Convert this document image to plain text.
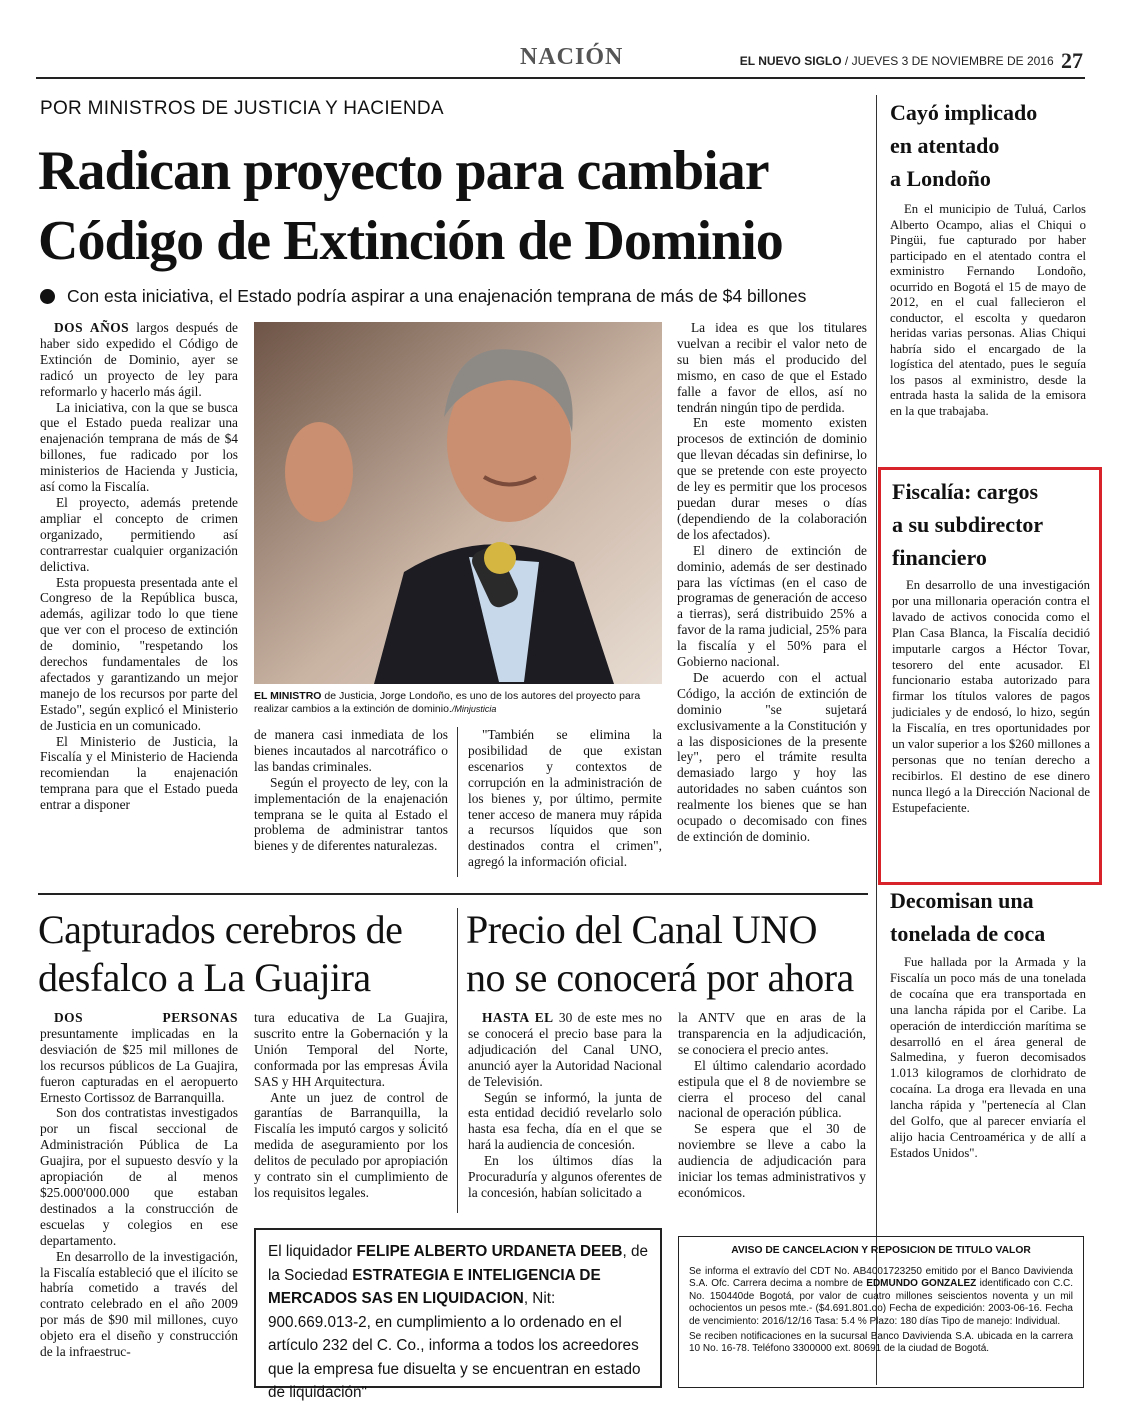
NACIÓN	EL NUEVO SIGLO / JUEVES 3 DE NOVIEMBRE DE 2016 27
POR MINISTROS DE JUSTICIA Y HACIENDA
Radican proyecto para cambiar
Código de Extinción de Dominio
Con esta iniciativa, el Estado podría aspirar a una enajenación temprana de más de $4 billones

DOS AÑOS largos después de haber sido expedido el Código de Extinción de Dominio, ayer se radicó un proyecto de ley para reformarlo y hacerlo más ágil.

La iniciativa, con la que se busca que el Estado pueda realizar una enajenación temprana de más de $4 billones, fue radicado por los ministerios de Hacienda y Justicia, así como la Fiscalía.

El proyecto, además pretende ampliar el concepto de crimen organizado, permitiendo así contrarrestar cualquier organización delictiva.

Esta propuesta presentada ante el Congreso de la República busca, además, agilizar todo lo que tiene que ver con el proceso de extinción de dominio, "respetando los derechos fundamentales de los afectados y garantizando un mejor manejo de los recursos por parte del Estado", según explicó el Ministerio de Justicia en un comunicado.

El Ministerio de Justicia, la Fiscalía y el Ministerio de Hacienda recomiendan la enajenación temprana para que el Estado pueda entrar a disponer

EL MINISTRO de Justicia, Jorge Londoño, es uno de los autores del proyecto para realizar cambios a la extinción de dominio./Minjusticia

de manera casi inmediata de los bienes incautados al narcotráfico o las bandas criminales.

Según el proyecto de ley, con la implementación de la enajenación temprana se le quita al Estado el problema de administrar tantos bienes y de diferentes naturalezas.

"También se elimina la posibilidad de que existan escenarios y contextos de corrupción en la administración de los bienes y, por último, permite tener acceso de manera muy rápida a recursos líquidos que son destinados contra el crimen", agregó la información oficial.

La idea es que los titulares vuelvan a recibir el valor neto de su bien más el producido del mismo, en caso de que el Estado falle a favor de ellos, así no tendrán ningún tipo de perdida.

En este momento existen procesos de extinción de dominio que llevan décadas sin definirse, lo que se pretende con este proyecto de ley es permitir que los procesos puedan durar meses o días (dependiendo de la colaboración de los afectados).

El dinero de extinción de dominio, además de ser destinado para las víctimas (en el caso de programas de generación de acceso a tierras), será distribuido 25% a favor de la rama judicial, 25% para la fiscalía y el 50% para el Gobierno nacional.

De acuerdo con el actual Código, la acción de extinción de dominio "se sujetará exclusivamente a la Constitución y a las disposiciones de la presente ley", pero el trámite resulta demasiado largo y hoy las autoridades no saben cuántos son realmente los bienes que se han ocupado o decomisado con fines de extinción de dominio.

Cayó implicado
en atentado
a Londoño

En el municipio de Tuluá, Carlos Alberto Ocampo, alias el Chiqui o Pingüi, fue capturado por haber participado en el atentado contra el exministro Fernando Londoño, ocurrido en Bogotá el 15 de mayo de 2012, en el cual fallecieron el conductor, el escolta y quedaron heridas varias personas. Alias Chiqui habría sido el encargado de la logística del atentado, pues le seguía los pasos al exministro, desde la entrada hasta la salida de la emisora en la que trabajaba.

Fiscalía: cargos
a su subdirector
financiero

En desarrollo de una investigación por una millonaria operación contra el lavado de activos conocida como el Plan Casa Blanca, la Fiscalía decidió imputarle cargos a Héctor Tovar, tesorero del ente acusador. El funcionario estaba autorizado para firmar los títulos valores de pagos judiciales y de endosó, lo hizo, según la Fiscalía, en tres oportunidades por un valor superior a los $260 millones a personas que no tenían derecho a recibirlos. El destino de ese dinero nunca llegó a la Dirección Nacional de Estupefaciente.

Decomisan una
tonelada de coca

Fue hallada por la Armada y la Fiscalía un poco más de una tonelada de cocaína que era transportada en una lancha rápida por el Caribe. La operación de interdicción marítima se desarrolló en el área general de Salmedina, y fueron decomisados 1.013 kilogramos de clorhidrato de cocaína. La droga era llevada en una lancha rápida y "pertenecía al Clan del Golfo, que al parecer enviaría el alijo hacia Centroamérica y de allí a Estados Unidos".

Capturados cerebros de
desfalco a La Guajira

DOS PERSONAS presuntamente implicadas en la desviación de $25 mil millones de los recursos públicos de La Guajira, fueron capturadas en el aeropuerto Ernesto Cortissoz de Barranquilla.

Son dos contratistas investigados por un fiscal seccional de Administración Pública de La Guajira, por el supuesto desvío y la apropiación de al menos $25.000'000.000 que estaban destinados a la construcción de escuelas y colegios en ese departamento.

En desarrollo de la investigación, la Fiscalía estableció que el ilícito se habría cometido a través del contrato celebrado en el año 2009 por más de $90 mil millones, cuyo objeto era el diseño y construcción de la infraestruc-

tura educativa de La Guajira, suscrito entre la Gobernación y la Unión Temporal del Norte, conformada por las empresas Ávila SAS y HH Arquitectura.

Ante un juez de control de garantías de Barranquilla, la Fiscalía les imputó cargos y solicitó medida de aseguramiento por los delitos de peculado por apropiación y contrato sin el cumplimiento de los requisitos legales.

Precio del Canal UNO
no se conocerá por ahora

HASTA EL 30 de este mes no se conocerá el precio base para la adjudicación del Canal UNO, anunció ayer la Autoridad Nacional de Televisión.

Según se informó, la junta de esta entidad decidió revelarlo solo hasta esa fecha, día en el que se hará la audiencia de concesión.

En los últimos días la Procuraduría y algunos oferentes de la concesión, habían solicitado a

la ANTV que en aras de la transparencia en la adjudicación, se conociera el precio antes.

El último calendario acordado estipula que el 8 de noviembre se cierra el proceso del canal nacional de operación pública.

Se espera que el 30 de noviembre se lleve a cabo la audiencia de adjudicación para iniciar los temas administrativos y económicos.

El liquidador FELIPE ALBERTO URDANETA DEEB, de la Sociedad ESTRATEGIA E INTELIGENCIA DE MERCADOS SAS EN LIQUIDACION, Nit: 900.669.013-2, en cumplimiento a lo ordenado en el artículo 232 del C. Co., informa a todos los acreedores que la empresa fue disuelta y se encuentran en estado de liquidación"
AVISO DE CANCELACION Y REPOSICION DE TITULO VALOR
Se informa el extravío del CDT No. AB4001723250 emitido por el Banco Davivienda S.A. Ofc. Carrera decima a nombre de EDMUNDO GONZALEZ identificado con C.C. No. 150440de Bogotá, por valor de cuatro millones seiscientos noventa y un mil ochocientos un pesos mte.- ($4.691.801.oo) Fecha de expedición: 2003-06-16. Fecha de vencimiento: 2016/12/16 Tasa: 5.4 % Plazo: 180 días Tipo de manejo: Individual.
Se reciben notificaciones en la sucursal Banco Davivienda S.A. ubicada en la carrera 10 No. 16-78. Teléfono 3300000 ext. 80691 de la ciudad de Bogotá.
